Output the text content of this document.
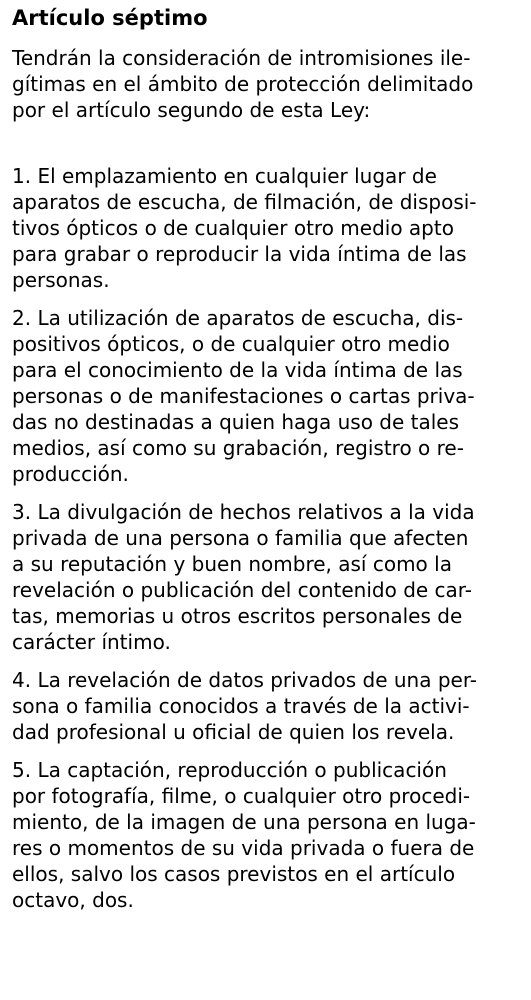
Artículo séptimo

Tendrán la consideración de intromisiones ile-
gítimas en el ámbito de protección delimitado
por el artículo segundo de esta Ley:

1. El emplazamiento en cualquier lugar de
aparatos de escucha, de filmación, de disposi-
tivos ópticos o de cualquier otro medio apto
para grabar o reproducir la vida íntima de las
personas.

2. La utilización de aparatos de escucha, dis-
positivos ópticos, o de cualquier otro medio
para el conocimiento de la vida íntima de las
personas o de manifestaciones o cartas priva-
das no destinadas a quien haga uso de tales
medios, así como su grabación, registro o re-
producción.

3. La divulgación de hechos relativos a la vida
privada de una persona o familia que afecten
a su reputación y buen nombre, así como la
revelación o publicación del contenido de car-
tas, memorias u otros escritos personales de
carácter íntimo.

4. La revelación de datos privados de una per-
sona o familia conocidos a través de la activi-
dad profesional u oficial de quien los revela.

5. La captación, reproducción o publicación
por fotografía, filme, o cualquier otro procedi-
miento, de la imagen de una persona en luga-
res o momentos de su vida privada o fuera de
ellos, salvo los casos previstos en el artículo
octavo, dos.
